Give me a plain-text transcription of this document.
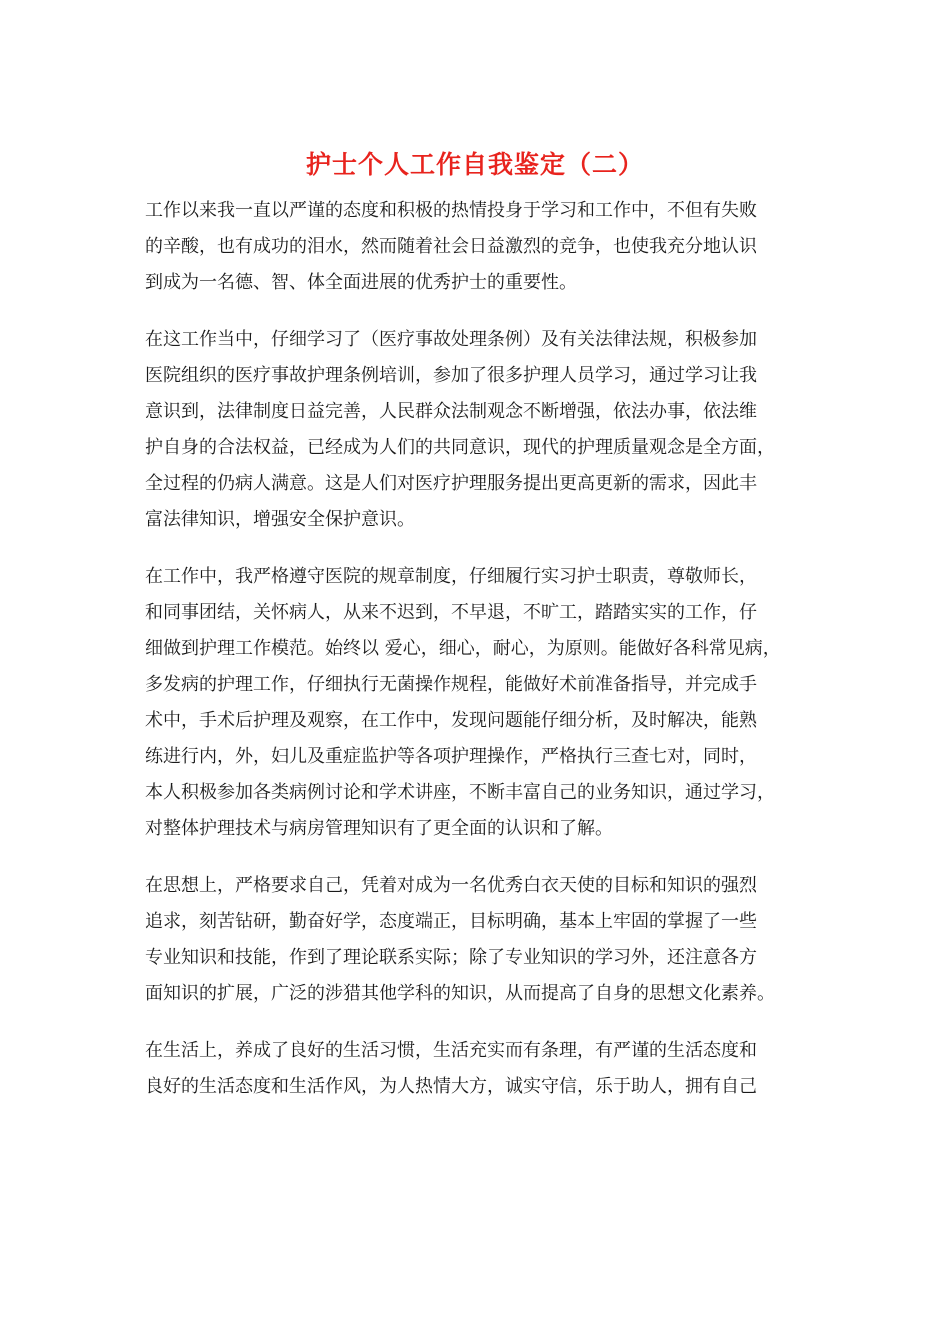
护士个人工作自我鉴定（二）
工作以来我一直以严谨的态度和积极的热情投身于学习和工作中，不但有失败
的辛酸，也有成功的泪水，然而随着社会日益激烈的竞争，也使我充分地认识
到成为一名德、智、体全面进展的优秀护士的重要性。
在这工作当中，仔细学习了（医疗事故处理条例）及有关法律法规，积极参加
医院组织的医疗事故护理条例培训，参加了很多护理人员学习，通过学习让我
意识到，法律制度日益完善，人民群众法制观念不断增强，依法办事，依法维
护自身的合法权益，已经成为人们的共同意识，现代的护理质量观念是全方面，
全过程的仍病人满意。这是人们对医疗护理服务提出更高更新的需求，因此丰
富法律知识，增强安全保护意识。
在工作中，我严格遵守医院的规章制度，仔细履行实习护士职责，尊敬师长，
和同事团结，关怀病人，从来不迟到，不早退，不旷工，踏踏实实的工作，仔
细做到护理工作模范。始终以 爱心，细心，耐心，为原则。能做好各科常见病，
多发病的护理工作，仔细执行无菌操作规程，能做好术前准备指导，并完成手
术中，手术后护理及观察，在工作中，发现问题能仔细分析，及时解决，能熟
练进行内，外，妇儿及重症监护等各项护理操作，严格执行三查七对，同时，
本人积极参加各类病例讨论和学术讲座，不断丰富自己的业务知识，通过学习，
对整体护理技术与病房管理知识有了更全面的认识和了解。
在思想上，严格要求自己，凭着对成为一名优秀白衣天使的目标和知识的强烈
追求，刻苦钻研，勤奋好学，态度端正，目标明确，基本上牢固的掌握了一些
专业知识和技能，作到了理论联系实际；除了专业知识的学习外，还注意各方
面知识的扩展，广泛的涉猎其他学科的知识，从而提高了自身的思想文化素养。
在生活上，养成了良好的生活习惯，生活充实而有条理，有严谨的生活态度和
良好的生活态度和生活作风，为人热情大方，诚实守信，乐于助人，拥有自己
